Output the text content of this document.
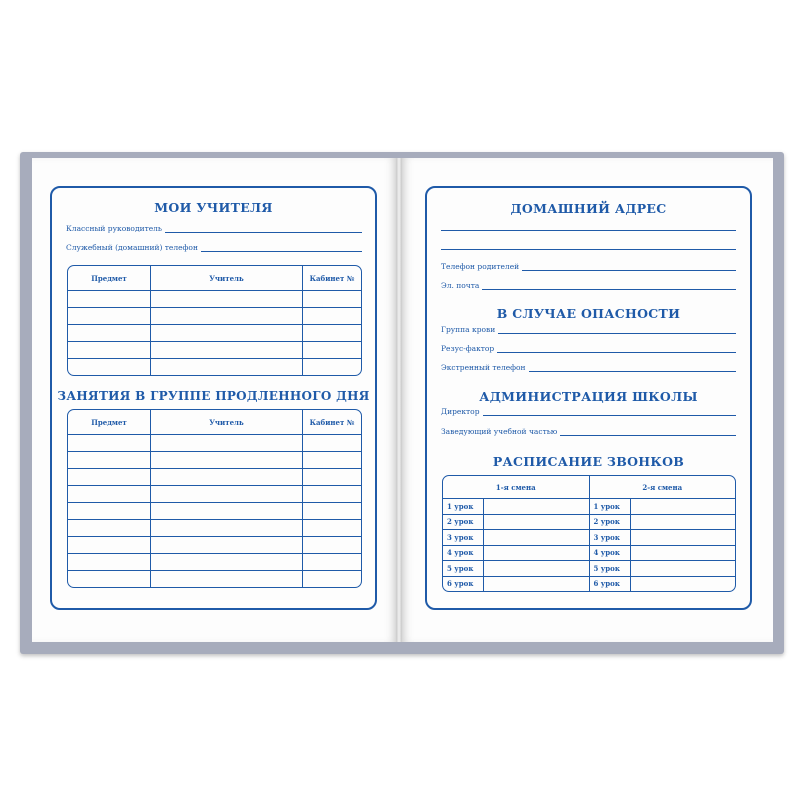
МОИ УЧИТЕЛЯ
Классный руководитель
Служебный (домашний) телефон
Предмет	Учитель	Кабинет №

ЗАНЯТИЯ В ГРУППЕ ПРОДЛЕННОГО ДНЯ
Предмет	Учитель	Кабинет №

ДОМАШНИЙ АДРЕС
Телефон родителей
Эл. почта
В СЛУЧАЕ ОПАСНОСТИ
Группа крови
Резус-фактор
Экстренный телефон
АДМИНИСТРАЦИЯ ШКОЛЫ
Директор
Заведующий учебной частью
РАСПИСАНИЕ ЗВОНКОВ
1-я смена		2-я смена	
1 урок		1 урок	
2 урок		2 урок	
3 урок		3 урок	
4 урок		4 урок	
5 урок		5 урок	
6 урок		6 урок	
